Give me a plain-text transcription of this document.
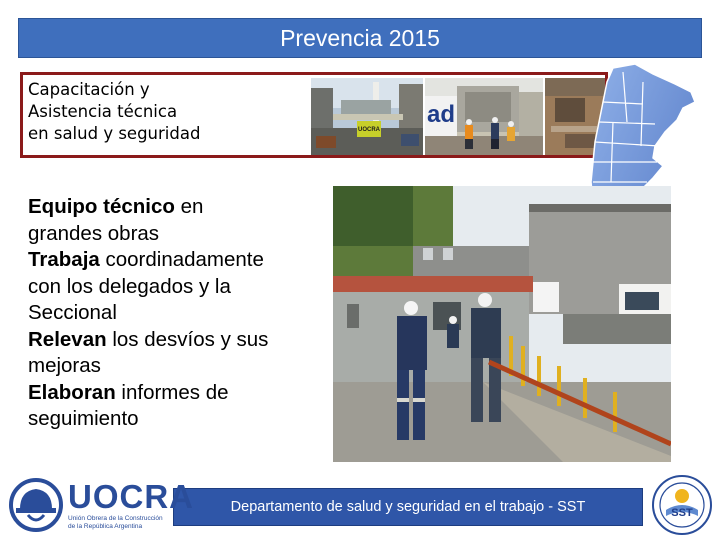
Prevencia 2015
Capacitación y
Asistencia técnica
en salud y seguridad	UOCRA
ad
Equipo técnico en
grandes obras
Trabaja coordinadamente
con los delegados y la
Seccional
Relevan los desvíos y sus
mejoras
Elaboran informes de
seguimiento
Departamento de salud y seguridad en el trabajo - SST
UOCRA
Unión Obrera de la Construcción
de la República Argentina
SST
